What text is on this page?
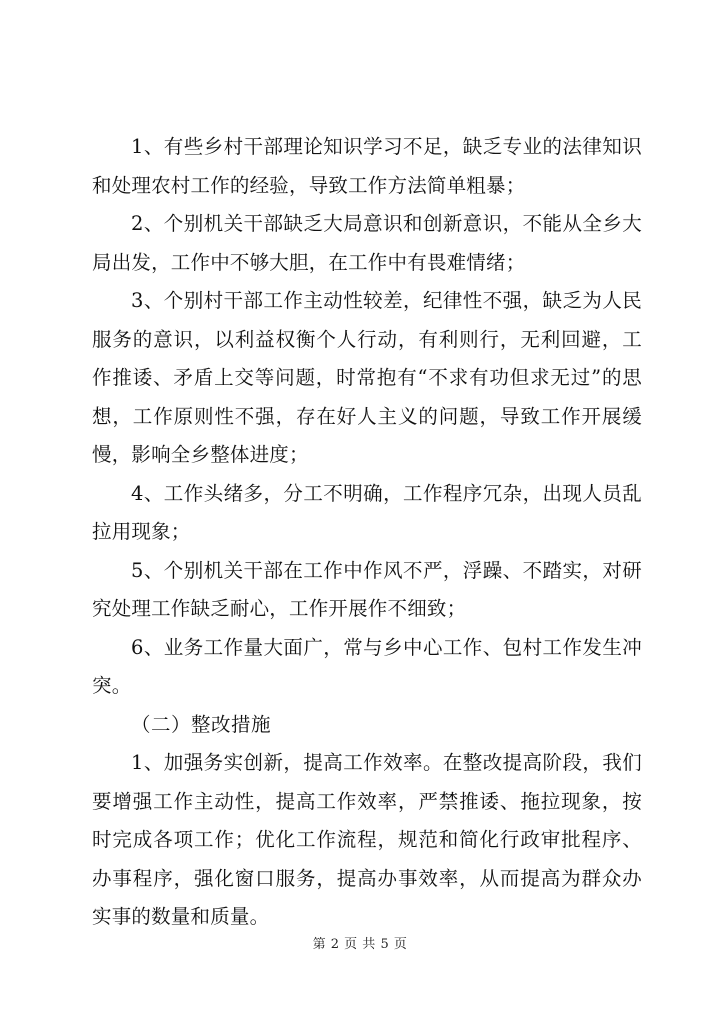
1、有些乡村干部理论知识学习不足，缺乏专业的法律知识和处理农村工作的经验，导致工作方法简单粗暴；

2、个别机关干部缺乏大局意识和创新意识，不能从全乡大局出发，工作中不够大胆，在工作中有畏难情绪；

3、个别村干部工作主动性较差，纪律性不强，缺乏为人民服务的意识，以利益权衡个人行动，有利则行，无利回避，工作推诿、矛盾上交等问题，时常抱有“不求有功但求无过”的思想，工作原则性不强，存在好人主义的问题，导致工作开展缓慢，影响全乡整体进度；

4、工作头绪多，分工不明确，工作程序冗杂，出现人员乱拉用现象；

5、个别机关干部在工作中作风不严，浮躁、不踏实，对研究处理工作缺乏耐心，工作开展作不细致；

6、业务工作量大面广，常与乡中心工作、包村工作发生冲突。

（二）整改措施

1、加强务实创新，提高工作效率。在整改提高阶段，我们要增强工作主动性，提高工作效率，严禁推诿、拖拉现象，按时完成各项工作；优化工作流程，规范和简化行政审批程序、办事程序，强化窗口服务，提高办事效率，从而提高为群众办实事的数量和质量。

第 2 页 共 5 页
